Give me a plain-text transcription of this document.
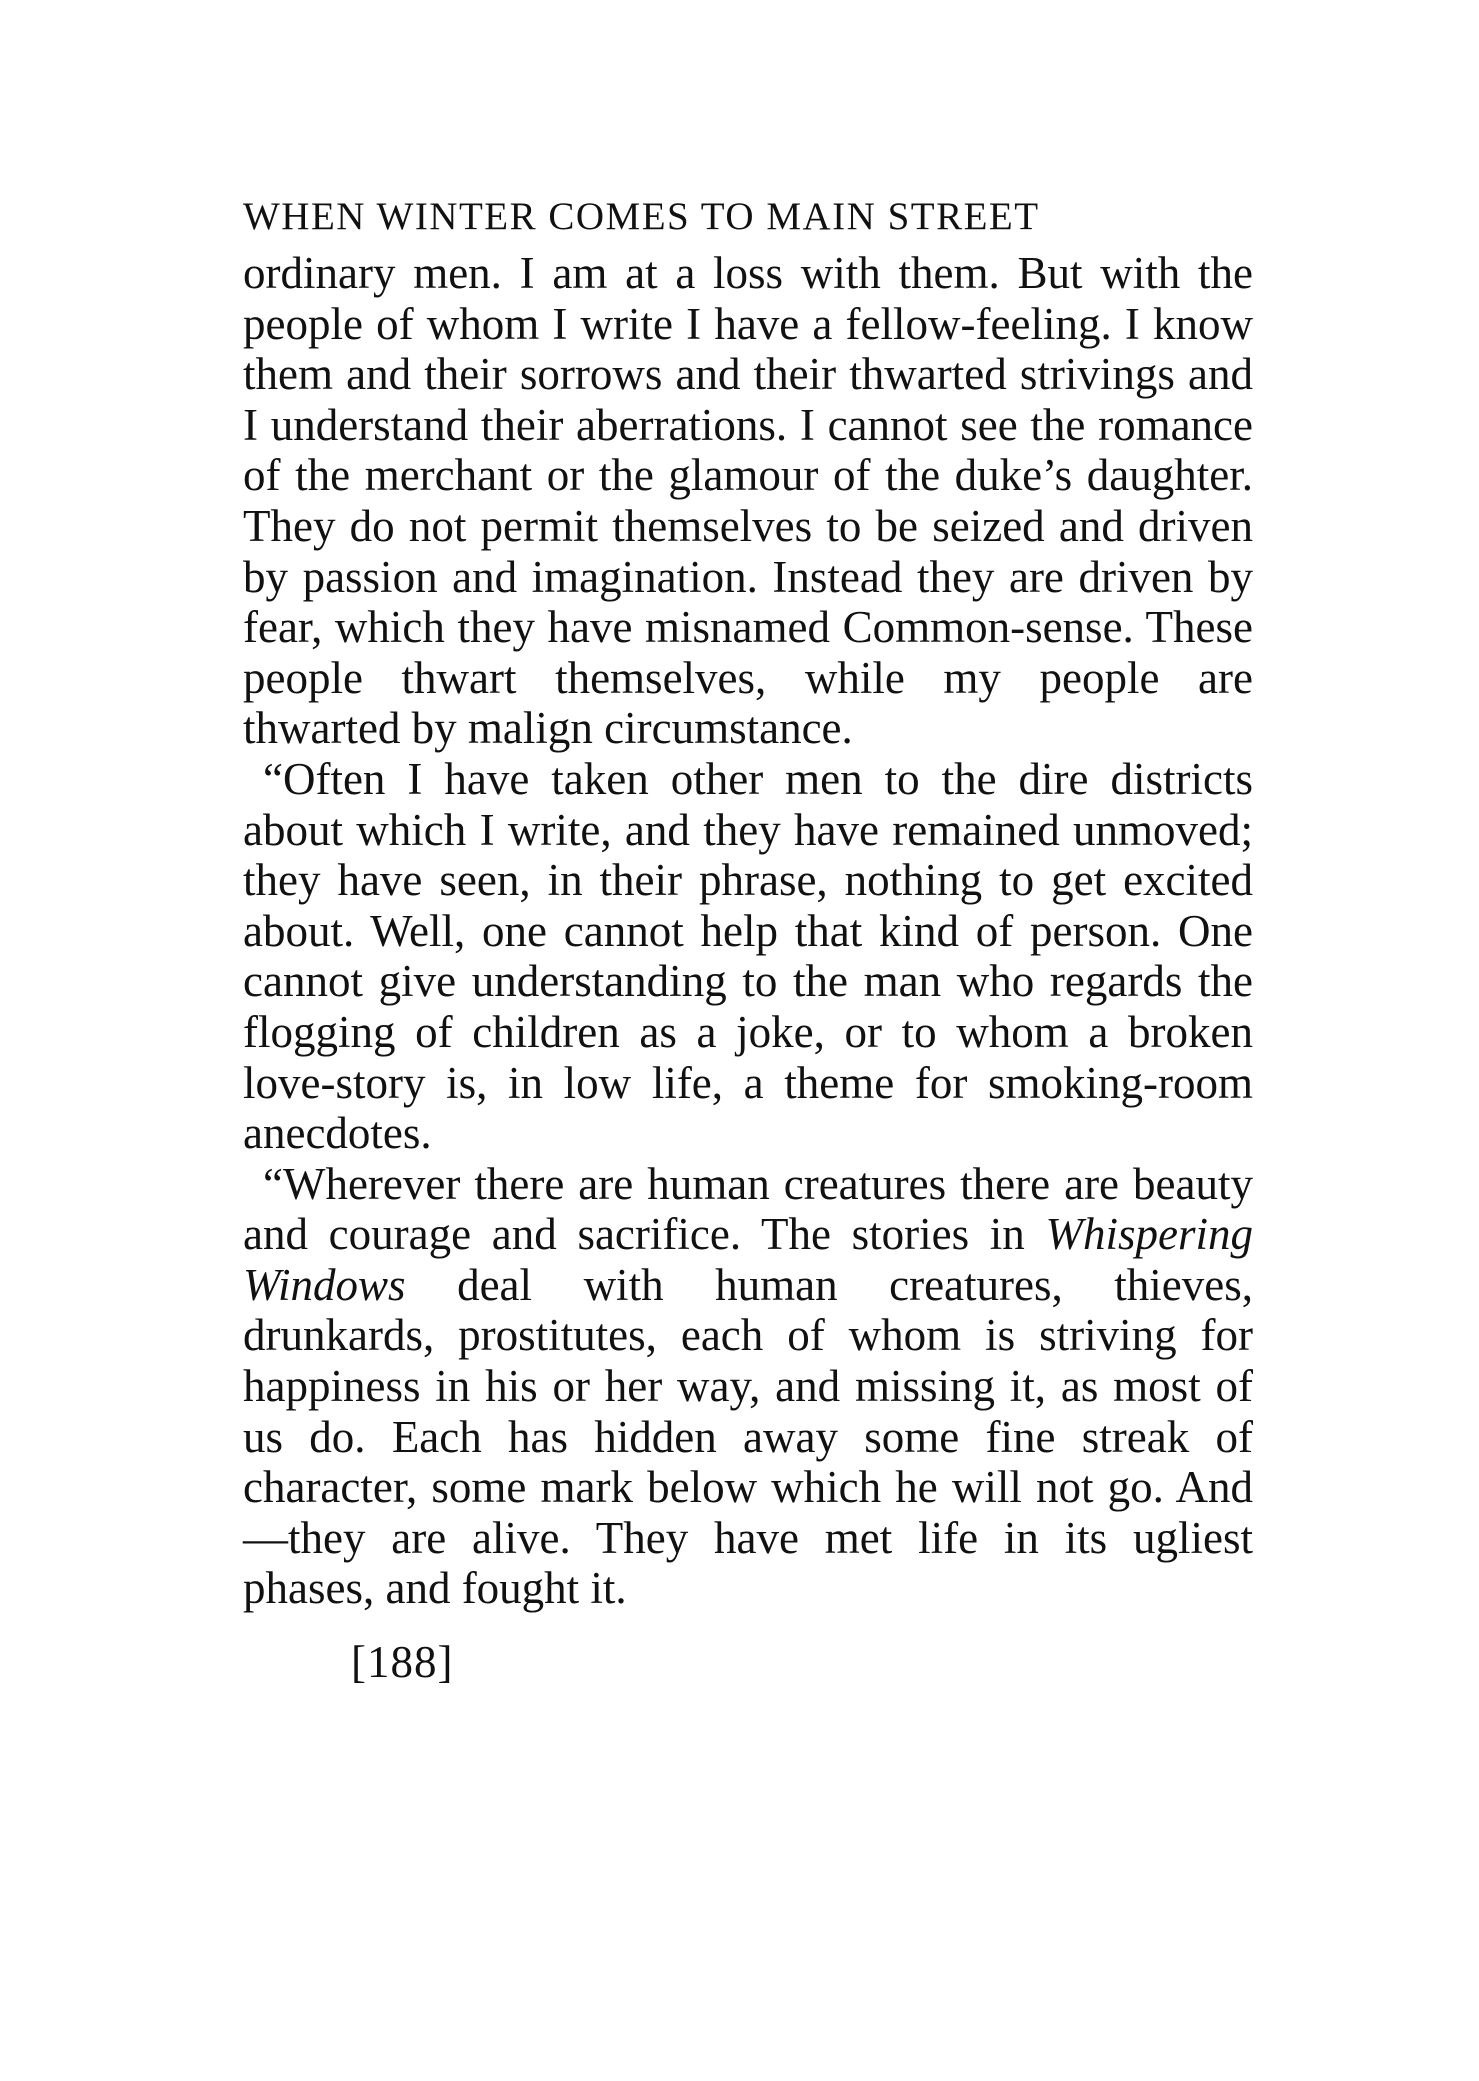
WHEN WINTER COMES TO MAIN STREET

ordinary men. I am at a loss with them. But with the people of whom I write I have a fellow-feeling. I know them and their sorrows and their thwarted strivings and I understand their aberrations. I cannot see the romance of the merchant or the glamour of the duke’s daughter. They do not permit themselves to be seized and driven by passion and imagination. Instead they are driven by fear, which they have misnamed Common-sense. These people thwart themselves, while my people are thwarted by malign circumstance.

“Often I have taken other men to the dire districts about which I write, and they have remained unmoved; they have seen, in their phrase, nothing to get excited about. Well, one cannot help that kind of person. One cannot give understanding to the man who regards the flogging of children as a joke, or to whom a broken love-story is, in low life, a theme for smoking-room anecdotes.

“Wherever there are human creatures there are beauty and courage and sacrifice. The stories in Whispering Windows deal with human creatures, thieves, drunkards, prostitutes, each of whom is striving for happiness in his or her way, and missing it, as most of us do. Each has hidden away some fine streak of character, some mark below which he will not go. And—they are alive. They have met life in its ugliest phases, and fought it.

[188]
